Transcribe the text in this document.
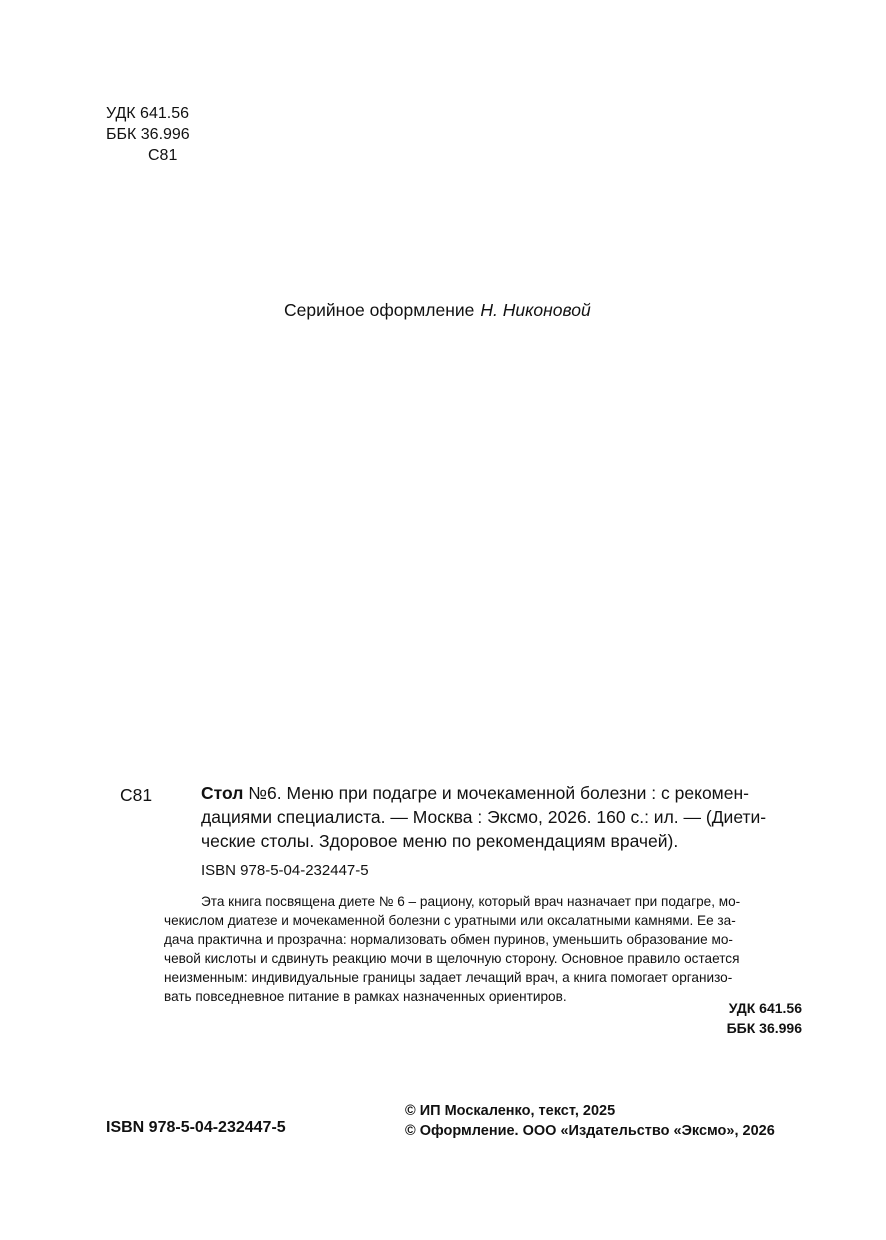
УДК 641.56
ББК 36.996
С81
Серийное оформление Н. Никоновой
С81	Стол №6. Меню при подагре и мочекаменной болезни : с рекомен-

дациями специалиста. — Москва : Эксмо, 2026. 160 с.: ил. — (Диети-

ческие столы. Здоровое меню по рекомендациям врачей).

ISBN 978-5-04-232447-5

Эта книга посвящена диете № 6 – рациону, который врач назначает при подагре, мо-

чекислом диатезе и мочекаменной болезни с уратными или оксалатными камнями. Ее за-

дача практична и прозрачна: нормализовать обмен пуринов, уменьшить образование мо-

чевой кислоты и сдвинуть реакцию мочи в щелочную сторону. Основное правило остается

неизменным: индивидуальные границы задает лечащий врач, а книга помогает организо-

вать повседневное питание в рамках назначенных ориентиров.

УДК 641.56
ББК 36.996
ISBN 978-5-04-232447-5
© ИП Москаленко, текст, 2025
© Оформление. ООО «Издательство «Эксмо», 2026
